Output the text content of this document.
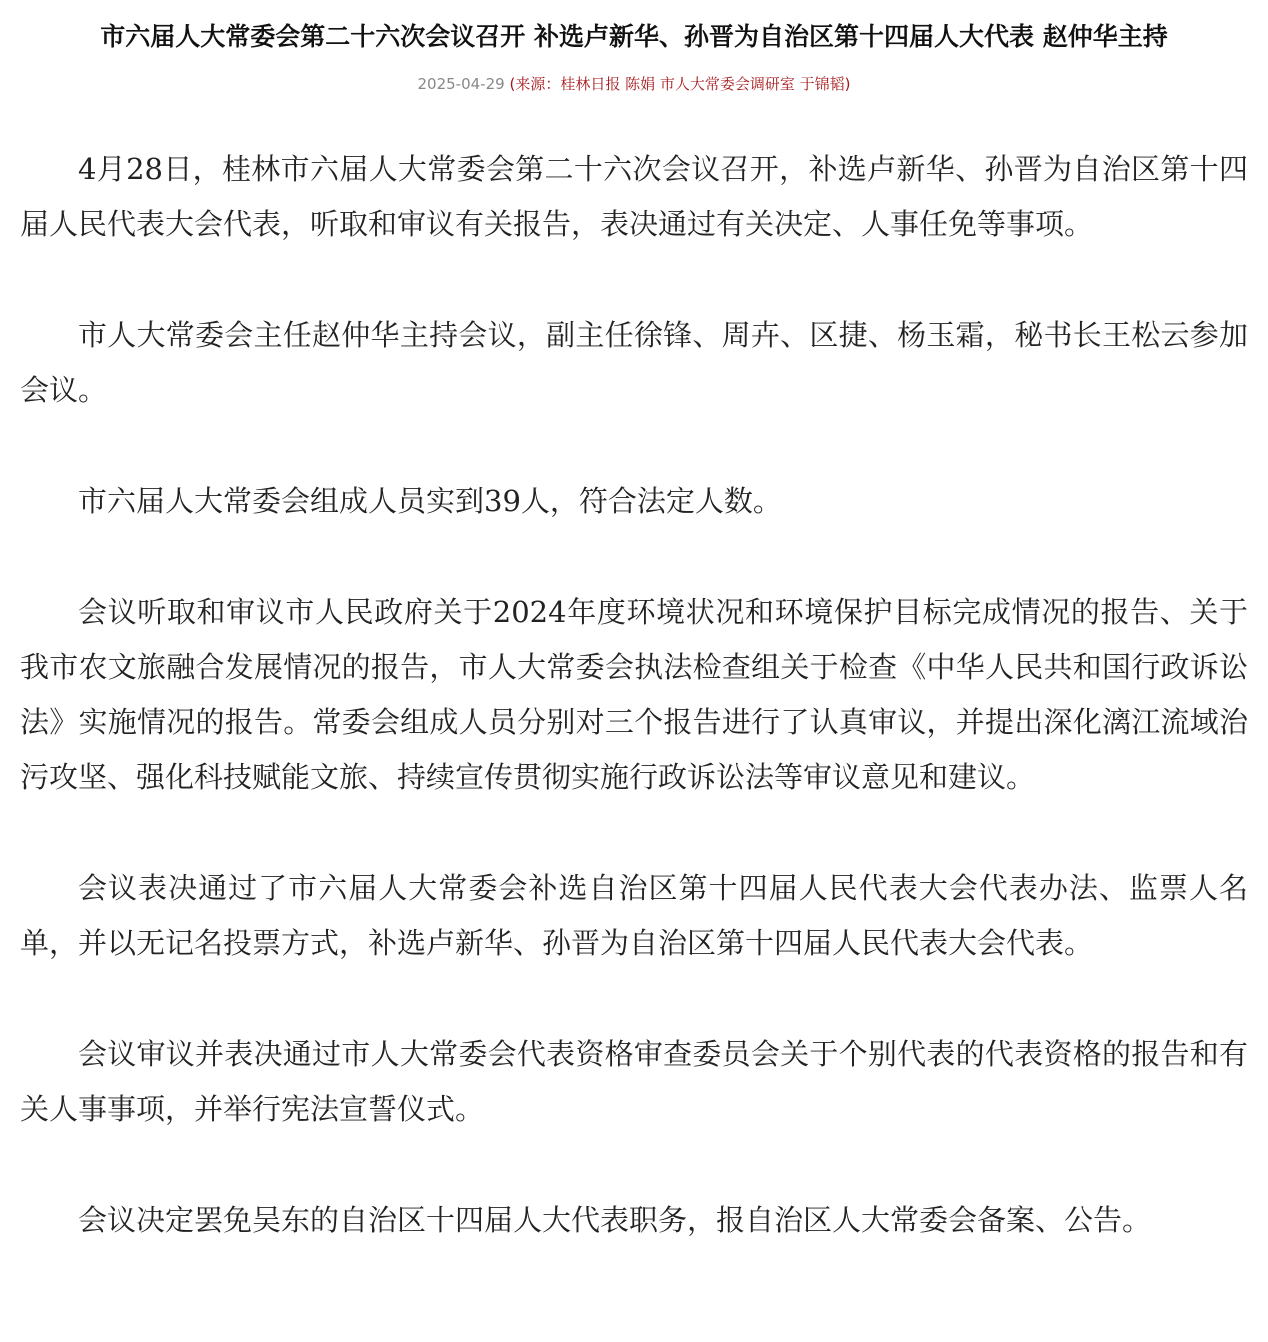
市六届人大常委会第二十六次会议召开 补选卢新华、孙晋为自治区第十四届人大代表 赵仲华主持
2025-04-29 (来源：桂林日报 陈娟 市人大常委会调研室 于锦韬)

4月28日，桂林市六届人大常委会第二十六次会议召开，补选卢新华、孙晋为自治区第十四届人民代表大会代表，听取和审议有关报告，表决通过有关决定、人事任免等事项。

市人大常委会主任赵仲华主持会议，副主任徐锋、周卉、区捷、杨玉霜，秘书长王松云参加会议。

市六届人大常委会组成人员实到39人，符合法定人数。

会议听取和审议市人民政府关于2024年度环境状况和环境保护目标完成情况的报告、关于我市农文旅融合发展情况的报告，市人大常委会执法检查组关于检查《中华人民共和国行政诉讼法》实施情况的报告。常委会组成人员分别对三个报告进行了认真审议，并提出深化漓江流域治污攻坚、强化科技赋能文旅、持续宣传贯彻实施行政诉讼法等审议意见和建议。

会议表决通过了市六届人大常委会补选自治区第十四届人民代表大会代表办法、监票人名单，并以无记名投票方式，补选卢新华、孙晋为自治区第十四届人民代表大会代表。

会议审议并表决通过市人大常委会代表资格审查委员会关于个别代表的代表资格的报告和有关人事事项，并举行宪法宣誓仪式。

会议决定罢免吴东的自治区十四届人大代表职务，报自治区人大常委会备案、公告。
